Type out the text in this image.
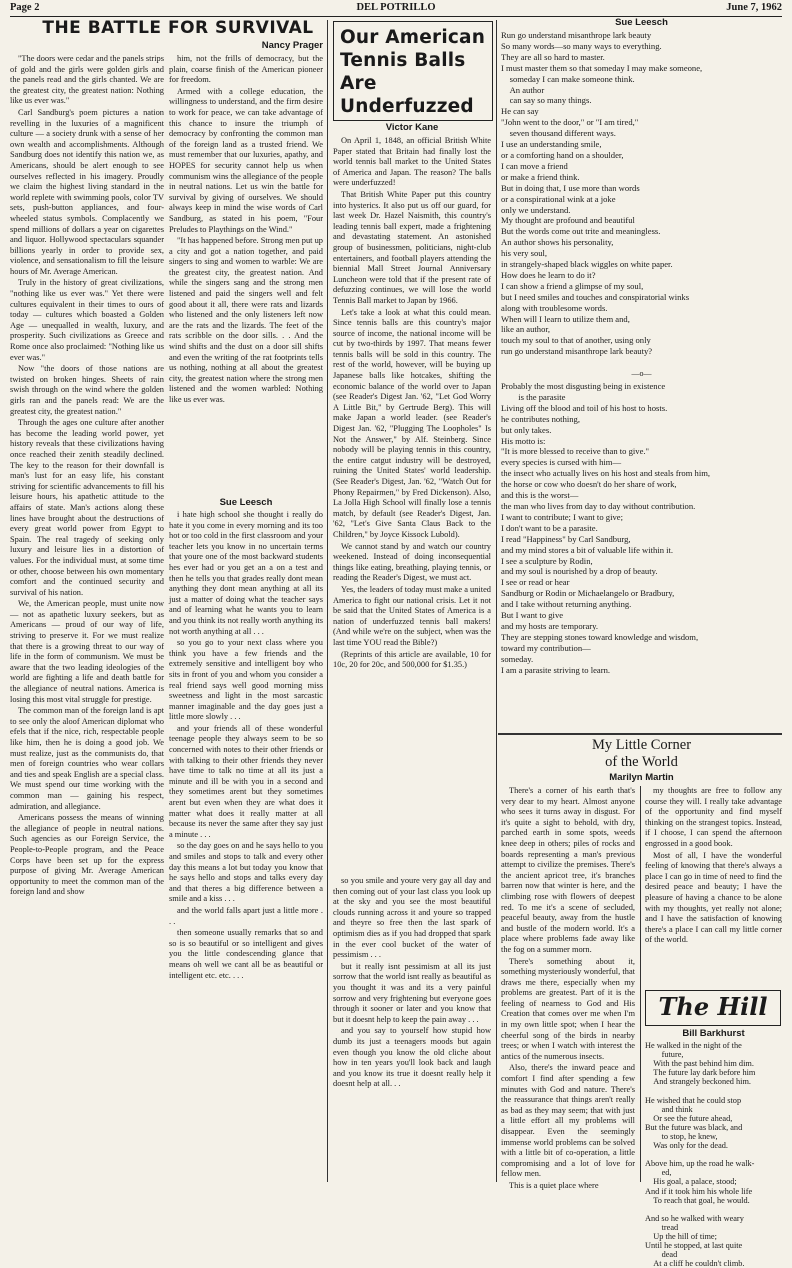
Page 2	DEL POTRILLO	June 7, 1962
THE BATTLE FOR SURVIVAL
Nancy Prager

"The doors were cedar and the panels strips of gold and the girls were golden girls and the panels read and the girls chanted. We are the greatest city, the greatest nation: Nothing like us ever was."

Carl Sandburg's poem pictures a nation revelling in the luxuries of a magnificent culture — a society drunk with a sense of her own wealth and accomplishments. Although Sandburg does not identify this nation we, as Americans, should be alert enough to see ourselves reflected in his imagery. Proudly we claim the highest living standard in the world replete with swimming pools, color TV sets, push-button appliances, and four-wheeled status symbols. Complacently we spend millions of dollars a year on cigarettes and liquor. Hollywood spectaculars squander billions yearly in order to provide sex, violence, and sensationalism to fill the leisure hours of Mr. Average American.

Truly in the history of great civilizations, "nothing like us ever was." Yet there were cultures equivalent in their times to ours of today — cultures which boasted a Golden Age — unequalled in wealth, luxury, and prosperity. Such civilizations as Greece and Rome once also proclaimed: "Nothing like us ever was."

Now "the doors of those nations are twisted on broken hinges. Sheets of rain swish through on the wind where the golden girls ran and the panels read: We are the greatest city, the greatest nation."

Through the ages one culture after another has become the leading world power, yet history reveals that these civilizations having once reached their zenith steadily declined. The key to the reason for their downfall is man's lust for an easy life, his constant striving for scientific advancements to fill his leisure hours, his apathetic attitude to the affairs of state. Man's actions along these lines have brought about the destructions of every great world power from Egypt to Spain. The real tragedy of seeking only luxury and leisure lies in a distortion of values. For the individual must, at some time or other, choose between his own momentary comfort and the continued security and survival of his nation.

We, the American people, must unite now — not as apathetic luxury seekers, but as Americans — proud of our way of life, striving to preserve it. For we must realize that there is a growing threat to our way of life in the form of communism. We must be aware that the two leading ideologies of the world are fighting a life and death battle for the allegiance of neutral nations. America is losing this most vital struggle for prestige.

The common man of the foreign land is apt to see only the aloof American diplomat who efels that if the nice, rich, respectable people like him, then he is doing a good job. We must realize, just as the communists do, that men of foreign countries who wear collars and ties and speak English are a special class. We must spend our time working with the common man — gaining his respect, admiration, and allegiance.

Americans possess the means of winning the allegiance of people in neutral nations. Such agencies as our Foreign Service, the People-to-People program, and the Peace Corps have been set up for the express purpose of giving Mr. Average American opportunity to meet the common man of the foreign land and show

him, not the frills of democracy, but the plain, coarse finish of the American pioneer for freedom.

Armed with a college education, the willingness to understand, and the firm desire to work for peace, we can take advantage of this chance to insure the triumph of democracy by confronting the common man of the foreign land as a trusted friend. We must remember that our luxuries, apathy, and HOPES for security cannot help us when communism wins the allegiance of the people in neutral nations. Let us win the battle for survival by giving of ourselves. We should always keep in mind the wise words of Carl Sandburg, as stated in his poem, "Four Preludes to Playthings on the Wind."

"It has happened before. Strong men put up a city and got a nation together, and paid singers to sing and women to warble: We are the greatest city, the greatest nation. And while the singers sang and the strong men listened and paid the singers well and felt good about it all, there were rats and lizards who listened and the only listeners left now are the rats and the lizards. The feet of the rats scribble on the door sills. . . And the wind shifts and the dust on a door sill shifts and even the writing of the rat footprints tells us nothing, nothing at all about the greatest city, the greatest nation where the strong men listened and the women warbled: Nothing like us ever was.

Sue Leesch

i hate high school she thought i really do hate it you come in every morning and its too hot or too cold in the first classroom and your teacher lets you know in no uncertain terms that youre one of the most backward students hes ever had or you get an a on a test and then he tells you that grades really dont mean anything they dont mean anything at all its just a matter of doing what the teacher says and of learning what he wants you to learn and you think its not really worth anything its not worth anything at all . . .

so you go to your next class where you think you have a few friends and the extremely sensitive and intelligent boy who sits in front of you and whom you consider a real friend says well good morning miss sweetness and light in the most sarcastic manner imaginable and the day goes just a little more slowly . . .

and your friends all of these wonderful teenage people they always seem to be so concerned with notes to their other friends or with talking to their other friends they never have time to talk no time at all its just a minute and ill be with you in a second and they sometimes arent but they sometimes arent but even when they are what does it matter what does it really matter at all because its never the same after they say just a minute . . .

so the day goes on and he says hello to you and smiles and stops to talk and every other day this means a lot but today you know that he says hello and stops and talks every day and that theres a big difference between a smile and a kiss . . .

and the world falls apart just a little more . . .

then someone usually remarks that so and so is so beautiful or so intelligent and gives you the little condescending glance that means oh well we cant all be as beautiful or intelligent etc. etc. . . .

Our American
Tennis Balls Are
Underfuzzed
Victor Kane

On April 1, 1848, an official British White Paper stated that Britain had finally lost the world tennis ball market to the United States of America and Japan. The reason? The balls were underfuzzed!

That British White Paper put this country into hysterics. It also put us off our guard, for last week Dr. Hazel Naismith, this country's leading tennis ball expert, made a frightening and devastating statement. An astonished group of businessmen, politicians, night-club entertainers, and football players attending the biennial Mall Street Journal Anniversary Luncheon were told that if the present rate of defuzzing continues, we will lose the world Tennis Ball market to Japan by 1966.

Let's take a look at what this could mean. Since tennis balls are this country's major source of income, the national income will be cut by two-thirds by 1997. That means fewer tennis balls will be sold in this country. The rest of the world, however, will be buying up Japanese balls like hotcakes, shifting the economic balance of the world over to Japan (see Reader's Digest Jan. '62, "Let God Worry A Little Bit," by Gertrude Berg). This will make Japan a world leader. (see Reader's Digest Jan. '62, "Plugging The Loopholes" Is Not the Answer," by Alf. Steinberg. Since nobody will be playing tennis in this country, the entire catgut industry will be destroyed, ruining the United States' world leadership. (See Reader's Digest, Jan. '62, "Watch Out for Phony Repairmen," by Fred Dickenson). Also, La Jolla High School will finally lose a tennis match, by default (see Reader's Digest, Jan. '62, "Let's Give Santa Claus Back to the Children," by Joyce Kissock Lubold).

We cannot stand by and watch our country weekened. Instead of doing inconsequential things like eating, breathing, playing tennis, or reading the Reader's Digest, we must act.

Yes, the leaders of today must make a united America to fight our national crisis. Let it not be said that the United States of America is a nation of underfuzzed tennis ball makers! (And while we're on the subject, when was the last time YOU read the Bible?)

(Reprints of this article are available, 10 for 10c, 20 for 20c, and 500,000 for $1.35.)

so you smile and youre very gay all day and then coming out of your last class you look up at the sky and you see the most beautiful clouds running across it and youre so trapped and theyre so free then the last spark of optimism dies as if you had dropped that spark in the ever cool bucket of the water of pessimism . . .

but it really isnt pessimism at all its just sorrow that the world isnt really as beautiful as you thought it was and its a very painful sorrow and very frightening but everyone goes through it sooner or later and you know that but it doesnt help to keep the pain away . . .

and you say to yourself how stupid how dumb its just a teenagers moods but again even though you know the old cliche about how in ten years you'll look back and laugh and you know its true it doesnt really help it doesnt help at all. . .

Sue Leesch
Run go understand misanthrope lark beauty
So many words—so many ways to everything.
They are all so hard to master.
I must master them so that someday I may make someone,
someday I can make someone think.
An author
can say so many things.
He can say
"John went to the door," or "I am tired,"
seven thousand different ways.
I use an understanding smile,
or a comforting hand on a shoulder,
I can move a friend
or make a friend think.
But in doing that, I use more than words
or a conspirational wink at a joke
only we understand.
My thought are profound and beautiful
But the words come out trite and meaningless.
An author shows his personality,
his very soul,
in strangely-shaped black wiggles on white paper.
How does he learn to do it?
I can show a friend a glimpse of my soul,
but I need smiles and touches and conspiratorial winks
along with troublesome words.
When will I learn to utilize them and,
like an author,
touch my soul to that of another, using only
run go understand misanthrope lark beauty?
—o—
Probably the most disgusting being in existence
is the parasite
Living off the blood and toil of his host to hosts.
he contributes nothing,
but only takes.
His motto is:
"It is more blessed to receive than to give."
every species is cursed with him—
the insect who actually lives on his host and steals from him,
the horse or cow who doesn't do her share of work,
and this is the worst—
the man who lives from day to day without contribution.
I want to contribute; I want to give;
I don't want to be a parasite.
I read "Happiness" by Carl Sandburg,
and my mind stores a bit of valuable life within it.
I see a sculpture by Rodin,
and my soul is nourished by a drop of beauty.
I see or read or hear
Sandburg or Rodin or Michaelangelo or Bradbury,
and I take without returning anything.
But I want to give
and my hosts are temporary.
They are stepping stones toward knowledge and wisdom,
toward my contribution—
someday.
I am a parasite striving to learn.
My Little Corner
of the World
Marilyn Martin

There's a corner of his earth that's very dear to my heart. Almost anyone who sees it turns away in disgust. For it's quite a sight to behold, with dry, parched earth in some spots, weeds knee deep in others; piles of rocks and boards representing a man's previous attempt to civilize the premises. There's the ancient apricot tree, it's branches barren now that winter is here, and the climbing rose with flowers of deepest red. To me it's a scene of secluded, peaceful beauty, away from the hustle and bustle of the modern world. It's a place where problems fade away like the fog on a summer morn.

There's something about it, something mysteriously wonderful, that draws me there, especially when my problems are greatest. Part of it is the feeling of nearness to God and His Creation that comes over me when I'm in my own little spot; when I hear the cheerful song of the birds in nearby trees; or when I watch with interest the antics of the numerous insects.

Also, there's the inward peace and comfort I find after spending a few minutes with God and nature. There's the reassurance that things aren't really as bad as they may seem; that with just a little effort all my problems will disappear. Even the seemingly immense world problems can be solved with a little bit of co-operation, a little compromising and a lot of love for fellow men.

This is a quiet place where

my thoughts are free to follow any course they will. I really take advantage of the opportunity and find myself thinking on the strangest topics. Instead, if I choose, I can spend the afternoon engrossed in a good book.

Most of all, I have the wonderful feeling of knowing that there's always a place I can go in time of need to find the desired peace and beauty; I have the pleasure of having a chance to be alone with my thoughts, yet really not alone; and I have the satisfaction of knowing there's a place I can call my little corner of the world.

The Hill
Bill Barkhurst
He walked in the night of the
future,
With the past behind him dim.
The future lay dark before him
And strangely beckoned him.

He wished that he could stop
and think
Or see the future ahead,
But the future was black, and
to stop, he knew,
Was only for the dead.

Above him, up the road he walk-
ed,
His goal, a palace, stood;
And if it took him his whole life
To reach that goal, he would.

And so he walked with weary
tread
Up the hill of time;
Until he stopped, at last quite
dead
At a cliff he couldn't climb.
